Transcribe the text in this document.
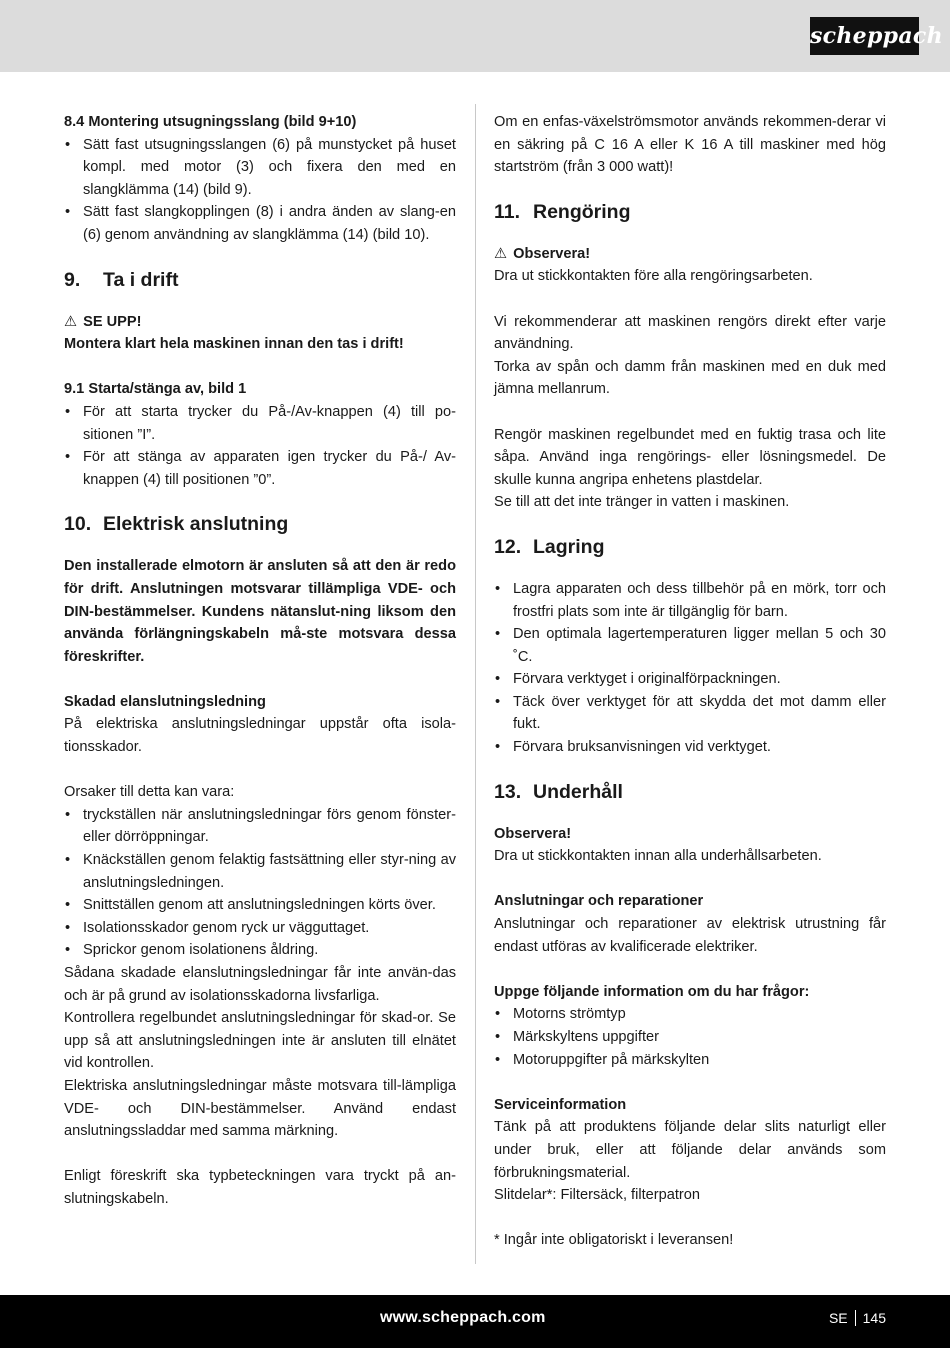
scheppach

8.4 Montering utsugningsslang (bild 9+10)

• Sätt fast utsugningsslangen (6) på munstycket på huset kompl. med motor (3) och fixera den med en slangklämma (14) (bild 9).
• Sätt fast slangkopplingen (8) i andra änden av slang-en (6) genom användning av slangklämma (14) (bild 10).
9.	Ta i drift

⚠ SE UPP!

Montera klart hela maskinen innan den tas i drift!

9.1 Starta/stänga av, bild 1

• För att starta trycker du På-/Av-knappen (4) till po-sitionen ”I”.
• För att stänga av apparaten igen trycker du På-/ Av-knappen (4) till positionen ”0”.
10. Elektrisk anslutning

Den installerade elmotorn är ansluten så att den är redo för drift. Anslutningen motsvarar tillämpliga VDE- och DIN-bestämmelser. Kundens nätanslut-ning liksom den använda förlängningskabeln må-ste motsvara dessa föreskrifter.

Skadad elanslutningsledning

På elektriska anslutningsledningar uppstår ofta isola-tionsskador.

Orsaker till detta kan vara:

• tryckställen när anslutningsledningar förs genom fönster- eller dörröppningar.
• Knäckställen genom felaktig fastsättning eller styr-ning av anslutningsledningen.
• Snittställen genom att anslutningsledningen körts över.
• Isolationsskador genom ryck ur vägguttaget.
• Sprickor genom isolationens åldring.

Sådana skadade elanslutningsledningar får inte använ-das och är på grund av isolationsskadorna livsfarliga.

Kontrollera regelbundet anslutningsledningar för skad-or. Se upp så att anslutningsledningen inte är ansluten till elnätet vid kontrollen.

Elektriska anslutningsledningar måste motsvara till-lämpliga VDE- och DIN-bestämmelser. Använd endast anslutningssladdar med samma märkning.

Enligt föreskrift ska typbeteckningen vara tryckt på an-slutningskabeln.

Om en enfas-växelströmsmotor används rekommen-derar vi en säkring på C 16 A eller K 16 A till maskiner med hög startström (från 3 000 watt)!

11. Rengöring

⚠ Observera!

Dra ut stickkontakten före alla rengöringsarbeten.

Vi rekommenderar att maskinen rengörs direkt efter varje användning.

Torka av spån och damm från maskinen med en duk med jämna mellanrum.

Rengör maskinen regelbundet med en fuktig trasa och lite såpa. Använd inga rengörings- eller lösningsmedel. De skulle kunna angripa enhetens plastdelar.

Se till att det inte tränger in vatten i maskinen.

12. Lagring
• Lagra apparaten och dess tillbehör på en mörk, torr och frostfri plats som inte är tillgänglig för barn.
• Den optimala lagertemperaturen ligger mellan 5 och 30 ˚C.
• Förvara verktyget i originalförpackningen.
• Täck över verktyget för att skydda det mot damm eller fukt.
• Förvara bruksanvisningen vid verktyget.
13. Underhåll

Observera!

Dra ut stickkontakten innan alla underhållsarbeten.

Anslutningar och reparationer

Anslutningar och reparationer av elektrisk utrustning får endast utföras av kvalificerade elektriker.

Uppge följande information om du har frågor:

• Motorns strömtyp
• Märkskyltens uppgifter
• Motoruppgifter på märkskylten

Serviceinformation

Tänk på att produktens följande delar slits naturligt eller under bruk, eller att följande delar används som förbrukningsmaterial.

Slitdelar*: Filtersäck, filterpatron

* Ingår inte obligatoriskt i leveransen!

www.scheppach.com	SE 145
